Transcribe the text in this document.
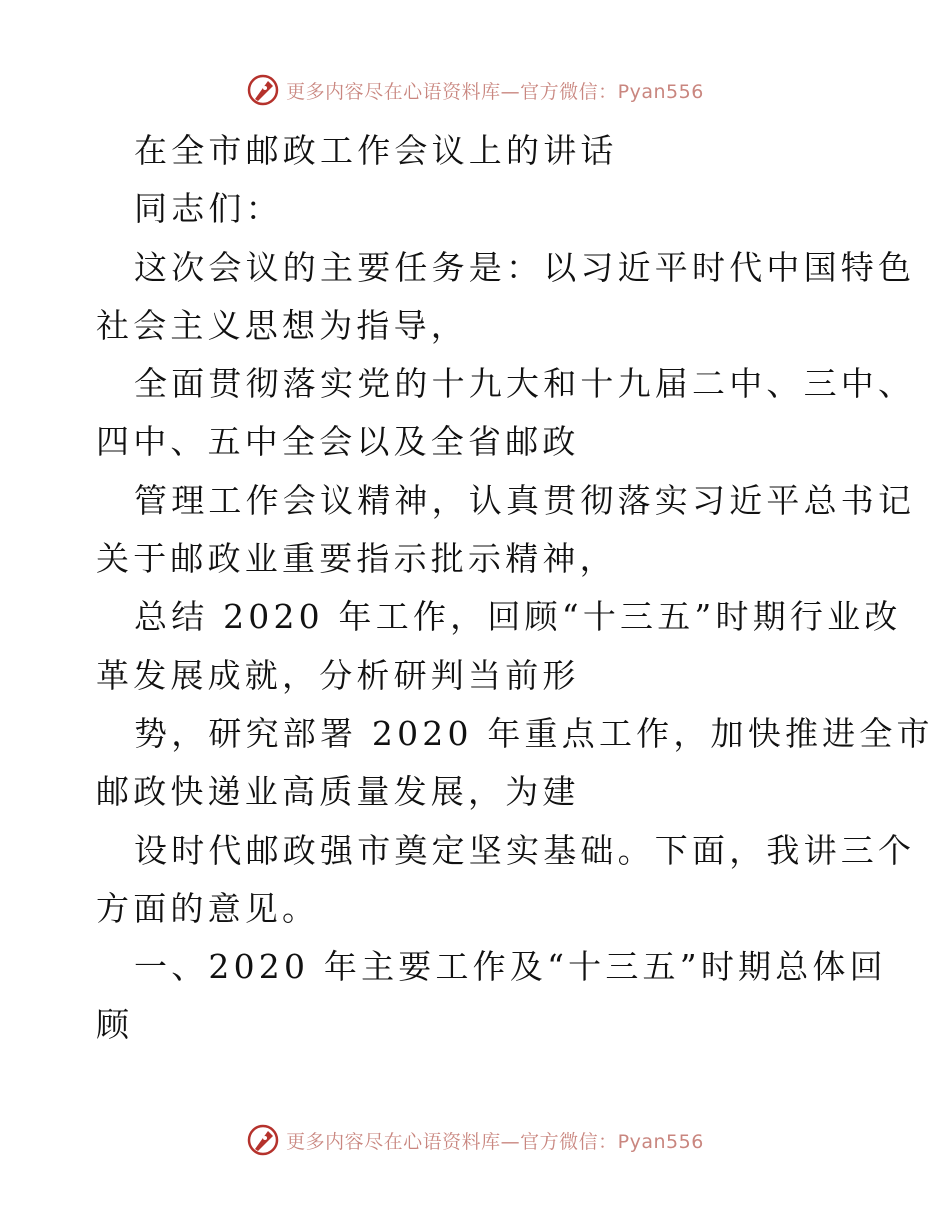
更多内容尽在心语资料库—官方微信：Pyan556
在全市邮政工作会议上的讲话
同志们：
这次会议的主要任务是：以习近平时代中国特色
社会主义思想为指导，
全面贯彻落实党的十九大和十九届二中、三中、
四中、五中全会以及全省邮政
管理工作会议精神，认真贯彻落实习近平总书记
关于邮政业重要指示批示精神，
总结 2020 年工作，回顾“十三五”时期行业改
革发展成就，分析研判当前形
势，研究部署 2020 年重点工作，加快推进全市
邮政快递业高质量发展，为建
设时代邮政强市奠定坚实基础。下面，我讲三个
方面的意见。
一、2020 年主要工作及“十三五”时期总体回
顾
更多内容尽在心语资料库—官方微信：Pyan556
